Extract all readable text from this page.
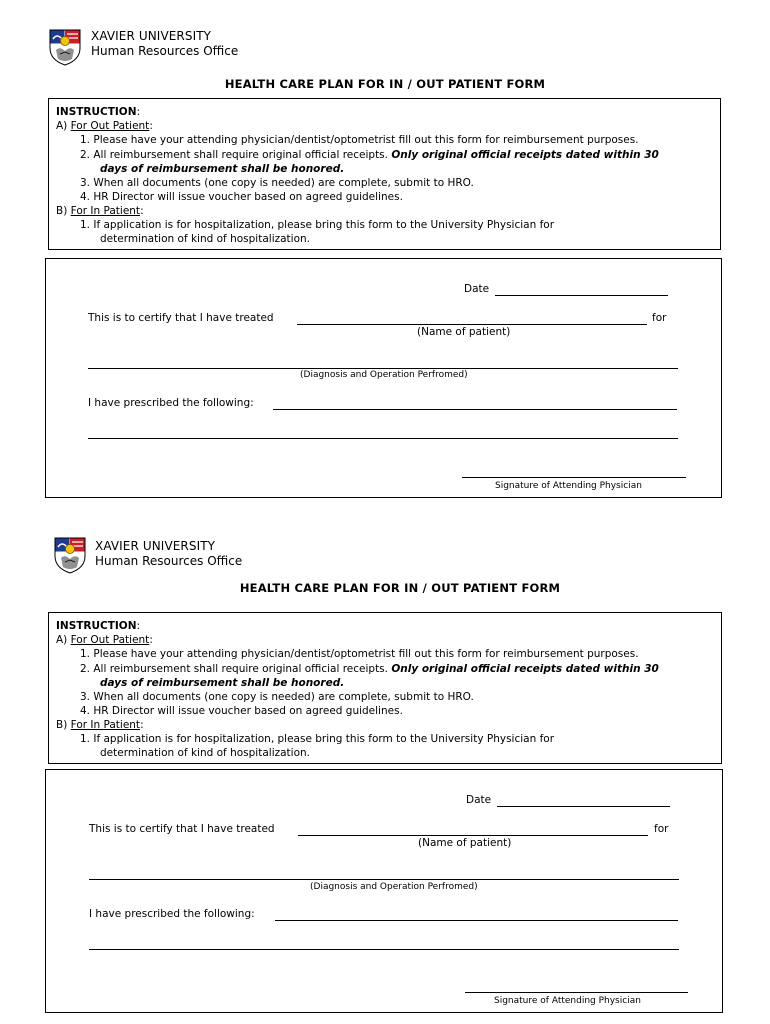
XAVIER UNIVERSITY
Human Resources Office
HEALTH CARE PLAN FOR IN / OUT PATIENT FORM
INSTRUCTION:
A) For Out Patient:
1. Please have your attending physician/dentist/optometrist fill out this form for reimbursement purposes.
2. All reimbursement shall require original official receipts. Only original official receipts dated within 30
days of reimbursement shall be honored.
3. When all documents (one copy is needed) are complete, submit to HRO.
4. HR Director will issue voucher based on agreed guidelines.
B) For In Patient:
1. If application is for hospitalization, please bring this form to the University Physician for
determination of kind of hospitalization.
Date
This is to certify that I have treated	for
(Name of patient)
(Diagnosis and Operation Perfromed)
I have prescribed the following:
Signature of Attending Physician
XAVIER UNIVERSITY
Human Resources Office
HEALTH CARE PLAN FOR IN / OUT PATIENT FORM
INSTRUCTION:
A) For Out Patient:
1. Please have your attending physician/dentist/optometrist fill out this form for reimbursement purposes.
2. All reimbursement shall require original official receipts. Only original official receipts dated within 30
days of reimbursement shall be honored.
3. When all documents (one copy is needed) are complete, submit to HRO.
4. HR Director will issue voucher based on agreed guidelines.
B) For In Patient:
1. If application is for hospitalization, please bring this form to the University Physician for
determination of kind of hospitalization.
Date
This is to certify that I have treated	for
(Name of patient)
(Diagnosis and Operation Perfromed)
I have prescribed the following:
Signature of Attending Physician
